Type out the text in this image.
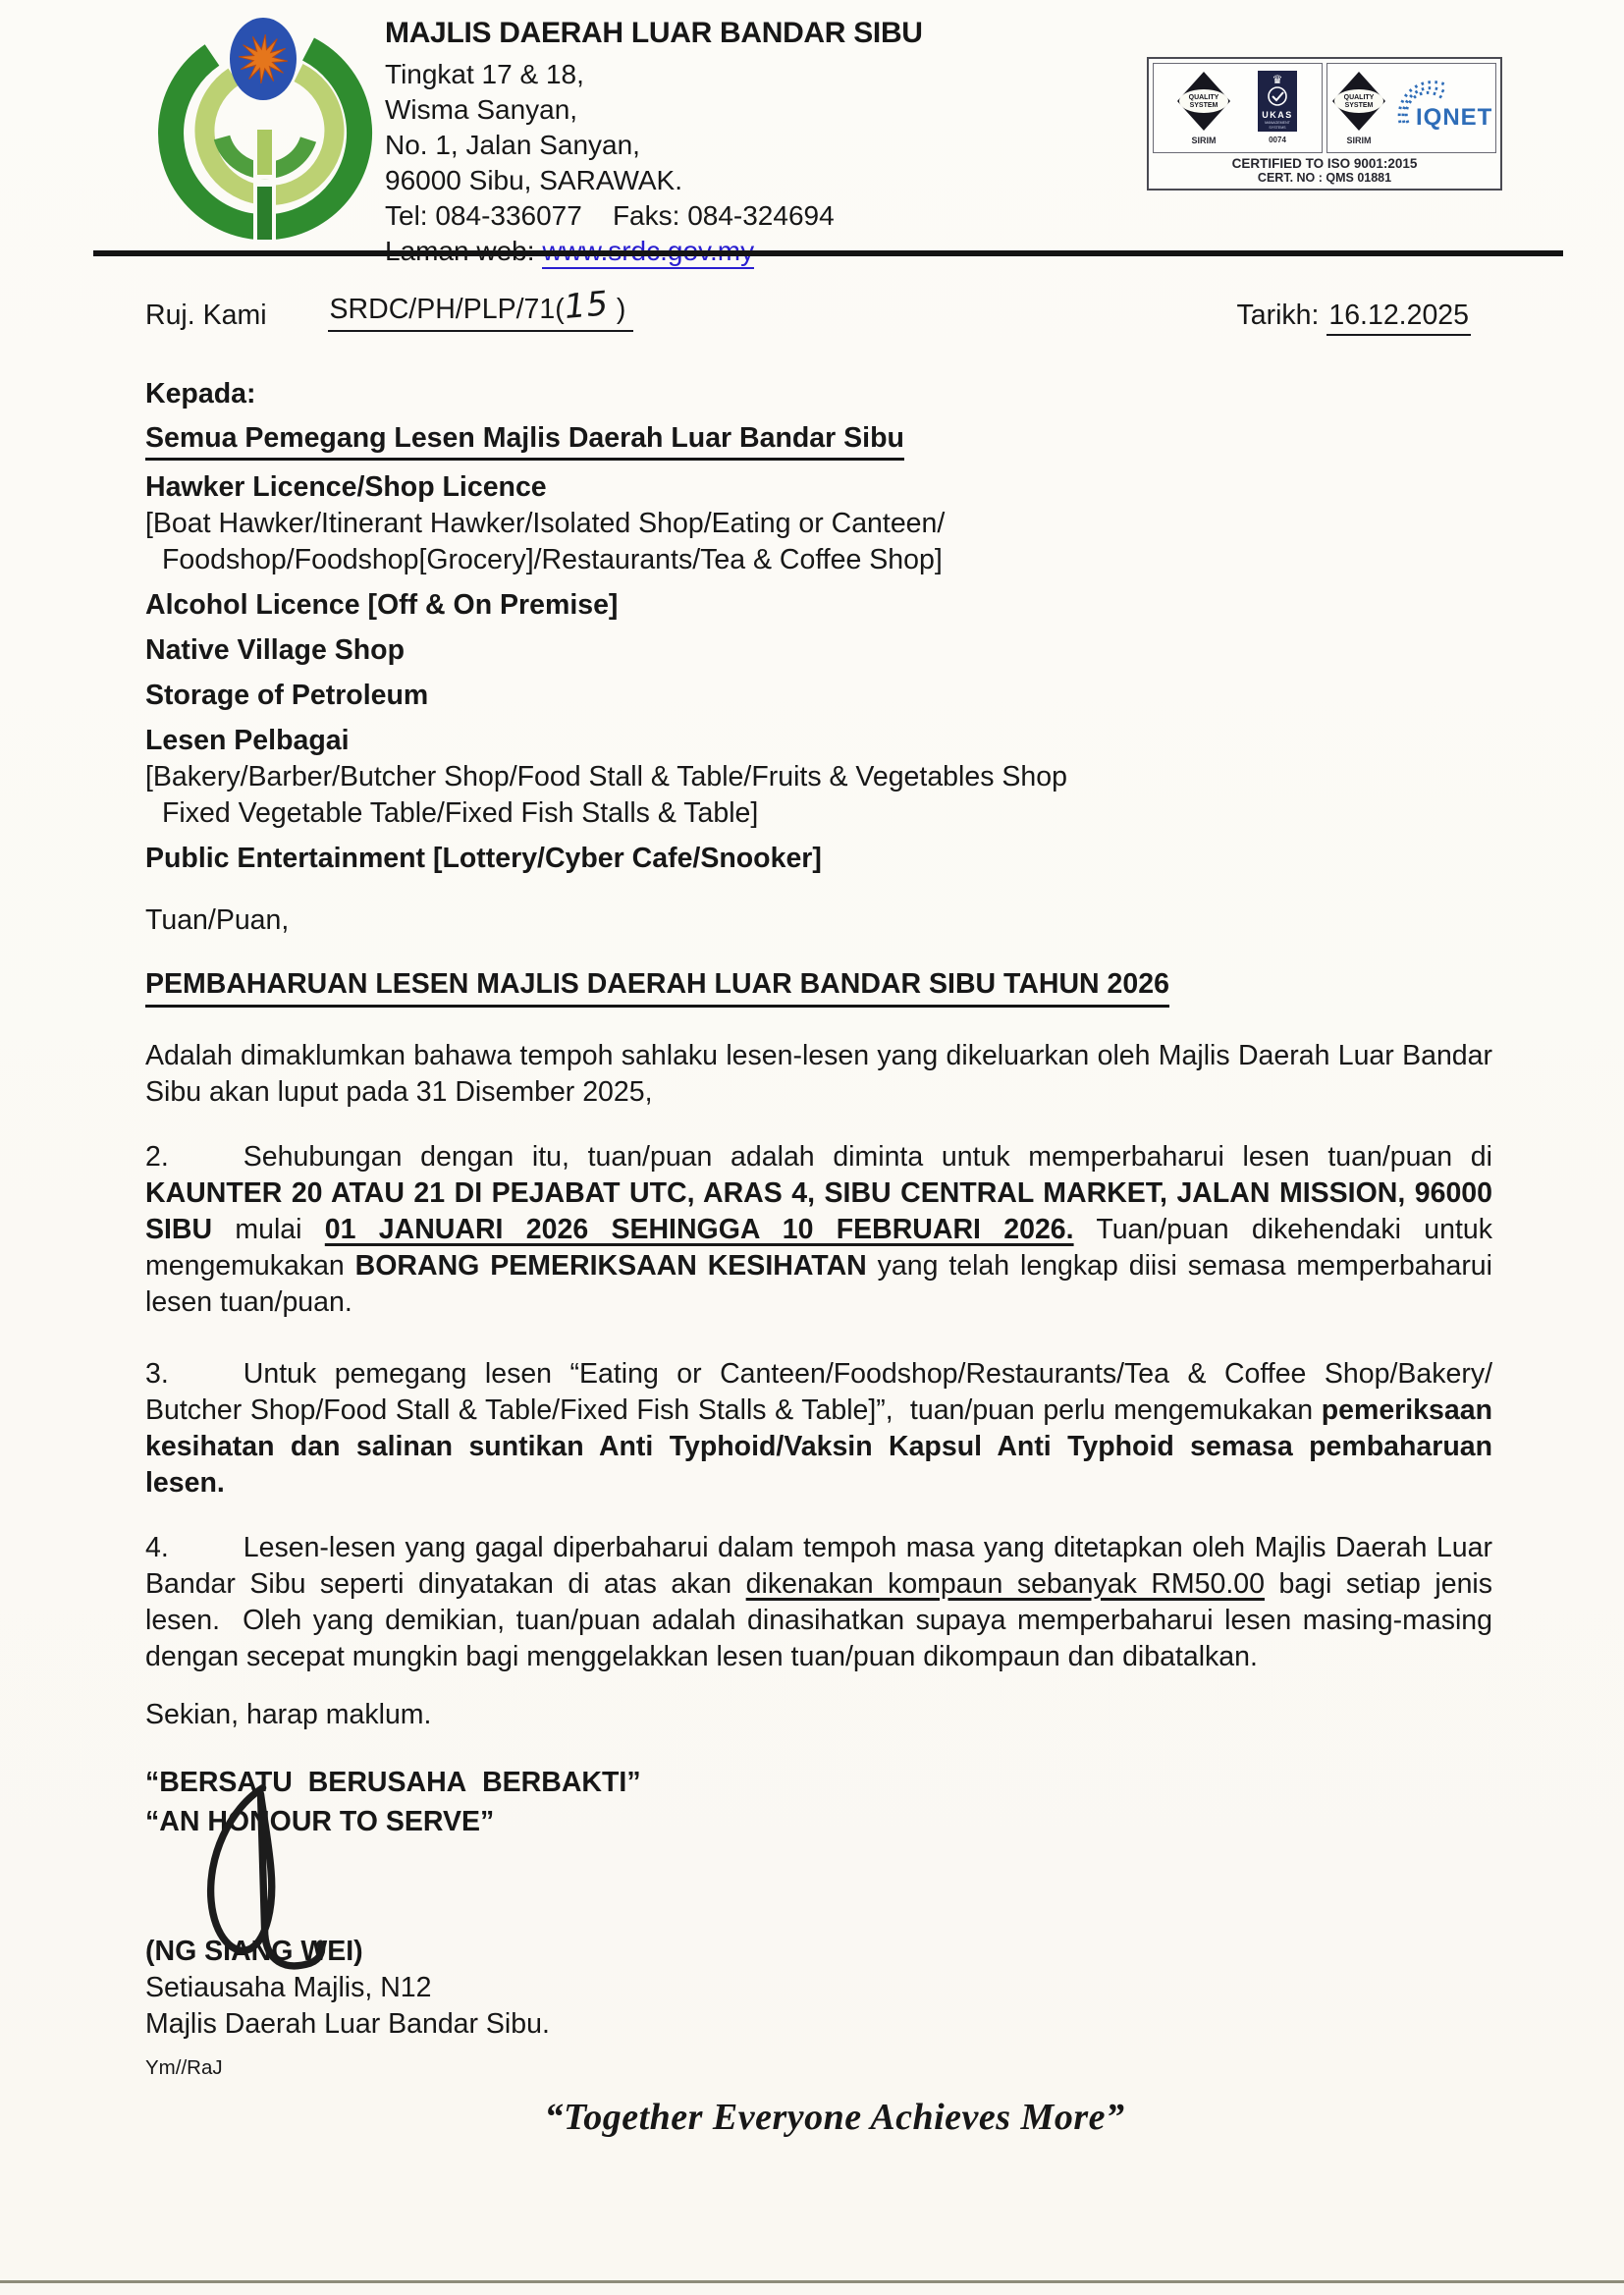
MAJLIS DAERAH LUAR BANDAR SIBU
Tingkat 17 & 18,
Wisma Sanyan,
No. 1, Jalan Sanyan,
96000 Sibu, SARAWAK.
Tel: 084-336077 Faks: 084-324694
QUALITY
SYSTEM
SIRIM
♛
UKAS
MANAGEMENT
SYSTEMS
0074
QUALITY
SYSTEM
SIRIM
IQNET
CERTIFIED TO ISO 9001:2015
CERT. NO : QMS 01881
Ruj. Kami SRDC/PH/PLP/71(15 )	Tarikh: 16.12.2025
Kepada:
Semua Pemegang Lesen Majlis Daerah Luar Bandar Sibu
Hawker Licence/Shop Licence
[Boat Hawker/Itinerant Hawker/Isolated Shop/Eating or Canteen/
Foodshop/Foodshop[Grocery]/Restaurants/Tea & Coffee Shop]
Alcohol Licence [Off & On Premise]
Native Village Shop
Storage of Petroleum
Lesen Pelbagai
[Bakery/Barber/Butcher Shop/Food Stall & Table/Fruits & Vegetables Shop
Fixed Vegetable Table/Fixed Fish Stalls & Table]
Public Entertainment [Lottery/Cyber Cafe/Snooker]
Tuan/Puan,
PEMBAHARUAN LESEN MAJLIS DAERAH LUAR BANDAR SIBU TAHUN 2026
Adalah dimaklumkan bahawa tempoh sahlaku lesen-lesen yang dikeluarkan oleh Majlis Daerah Luar Bandar Sibu akan luput pada 31 Disember 2025,
2.	Sehubungan dengan itu, tuan/puan adalah diminta untuk memperbaharui lesen tuan/puan di KAUNTER 20 ATAU 21 DI PEJABAT UTC, ARAS 4, SIBU CENTRAL MARKET, JALAN MISSION, 96000 SIBU mulai 01 JANUARI 2026 SEHINGGA 10 FEBRUARI 2026. Tuan/puan dikehendaki untuk mengemukakan BORANG PEMERIKSAAN KESIHATAN yang telah lengkap diisi semasa memperbaharui lesen tuan/puan.
3.	Untuk pemegang lesen “Eating or Canteen/Foodshop/Restaurants/Tea & Coffee Shop/Bakery/ Butcher Shop/Food Stall & Table/Fixed Fish Stalls & Table]”,  tuan/puan perlu mengemukakan pemeriksaan kesihatan dan salinan suntikan Anti Typhoid/Vaksin Kapsul Anti Typhoid semasa pembaharuan lesen.
4.	Lesen-lesen yang gagal diperbaharui dalam tempoh masa yang ditetapkan oleh Majlis Daerah Luar Bandar Sibu seperti dinyatakan di atas akan dikenakan kompaun sebanyak RM50.00 bagi setiap jenis lesen.  Oleh yang demikian, tuan/puan adalah dinasihatkan supaya memperbaharui lesen masing-masing dengan secepat mungkin bagi menggelakkan lesen tuan/puan dikompaun dan dibatalkan.
Sekian, harap maklum.
“BERSATU  BERUSAHA  BERBAKTI”
“AN HONOUR TO SERVE”
(NG SIANG WEI)
Setiausaha Majlis, N12
Majlis Daerah Luar Bandar Sibu.
Ym//RaJ
“Together Everyone Achieves More”
